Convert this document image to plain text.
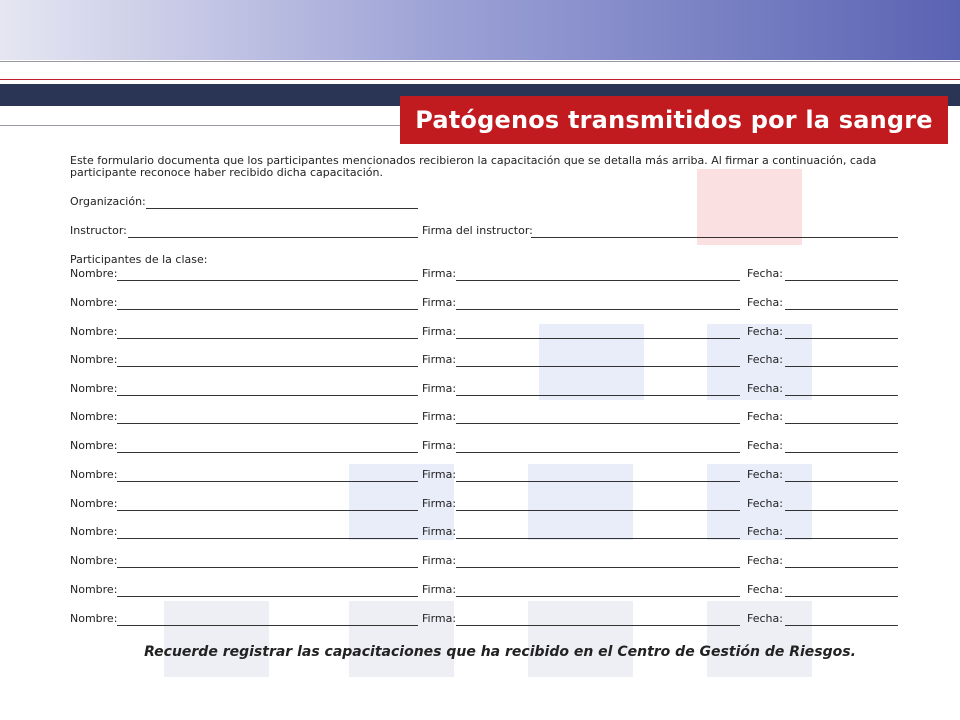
Patógenos transmitidos por la sangre
Este formulario documenta que los participantes mencionados recibieron la capacitación que se detalla más arriba. Al firmar a continuación, cada participante reconoce haber recibido dicha capacitación.
Organización:
Instructor:	Firma del instructor:
Participantes de la clase:
Nombre:	Firma:	Fecha:
Nombre:	Firma:	Fecha:
Nombre:	Firma:	Fecha:
Nombre:	Firma:	Fecha:
Nombre:	Firma:	Fecha:
Nombre:	Firma:	Fecha:
Nombre:	Firma:	Fecha:
Nombre:	Firma:	Fecha:
Nombre:	Firma:	Fecha:
Nombre:	Firma:	Fecha:
Nombre:	Firma:	Fecha:
Nombre:	Firma:	Fecha:
Nombre:	Firma:	Fecha:
Recuerde registrar las capacitaciones que ha recibido en el Centro de Gestión de Riesgos.
